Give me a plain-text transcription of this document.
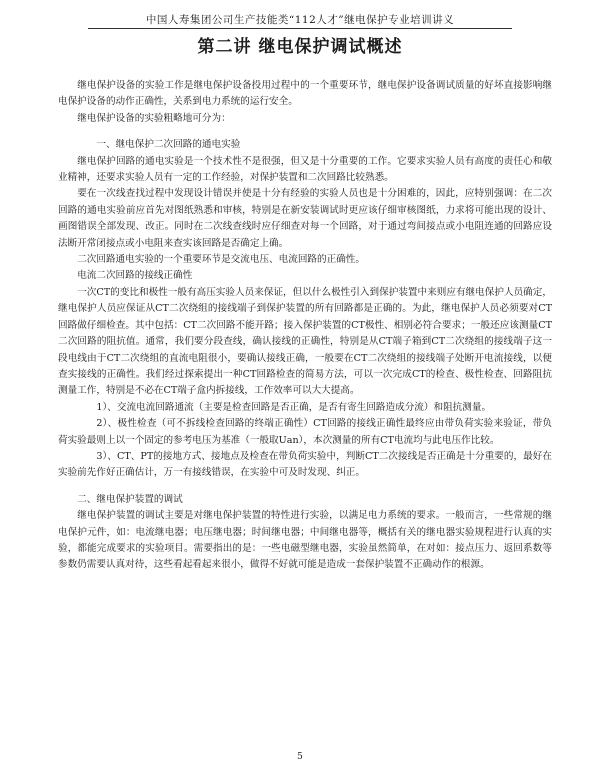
中国人寿集团公司生产技能类“112人才”继电保护专业培训讲义
第二讲 继电保护调试概述

继电保护设备的实验工作是继电保护设备投用过程中的一个重要环节，继电保护设备调试质量的好坏直接影响继电保护设备的动作正确性，关系到电力系统的运行安全。

继电保护设备的实验粗略地可分为：

一、继电保护二次回路的通电实验

继电保护回路的通电实验是一个技术性不是很强，但又是十分重要的工作。它要求实验人员有高度的责任心和敬业精神，还要求实验人员有一定的工作经验，对保护装置和二次回路比较熟悉。

要在一次线查找过程中发现设计错误并使是十分有经验的实验人员也是十分困难的，因此，应特别强调：在二次回路的通电实验前应首先对图纸熟悉和审核，特别是在新安装调试时更应该仔细审核图纸，力求将可能出现的设计、画图错误全部发现、改正。同时在二次线查线时应仔细查对每一个回路，对于通过弯间接点或小电阻连通的回路应设法断开常闭接点或小电阻来查实该回路是否确定上确。

二次回路通电实验的一个重要环节是交流电压、电流回路的正确性。

电流二次回路的接线正确性

一次CT的变比和极性一般有高压实验人员来保证，但以什么极性引入到保护装置中来则应有继电保护人员确定，继电保护人员应保证从CT二次绕组的接线端子到保护装置的所有回路都是正确的。为此，继电保护人员必须要对CT回路做仔细检查。其中包括：CT二次回路不能开路；接入保护装置的CT极性、相别必符合要求；一般还应该测量CT二次回路的阻抗值。通常，我们要分段查线，确认接线的正确性，特别是从CT端子箱到CT二次绕组的接线端子这一段电线由于CT二次绕组的直流电阻很小，要确认接线正确，一般要在CT二次绕组的接线端子处断开电流接线，以便查实接线的正确性。我们经过探索提出一种CT回路检查的简易方法，可以一次完成CT的检查、极性检查、回路阻抗测量工作，特别是不必在CT端子盒内拆接线，工作效率可以大大提高。

1）、交流电流回路通流（主要是检查回路是否正确，是否有寄生回路造成分流）和阻抗测量。

2）、极性检查（可不拆线检查回路的终端正确性）CT回路的接线正确性最终应由带负荷实验来验证，带负荷实验最则上以一个固定的参考电压为基准（一般取Uan），本次测量的所有CT电流均与此电压作比较。

3）、CT、PT的接地方式、接地点及检查在带负荷实验中，判断CT二次接线是否正确是十分重要的，最好在实验前先作好正确估计，万一有接线错误，在实验中可及时发现、纠正。

二、继电保护装置的调试

继电保护装置的调试主要是对继电保护装置的特性进行实验，以满足电力系统的要求。一般而言，一些常规的继电保护元件，如：电流继电器；电压继电器；时间继电器；中间继电器等，概括有关的继电器实验规程进行认真的实验，都能完成要求的实验项目。需要指出的是：一些电磁型继电器，实验虽然简单，在对如：接点压力、返回系数等参数仍需要认真对待，这些看起看起来很小，做得不好就可能是造成一套保护装置不正确动作的根源。

5
